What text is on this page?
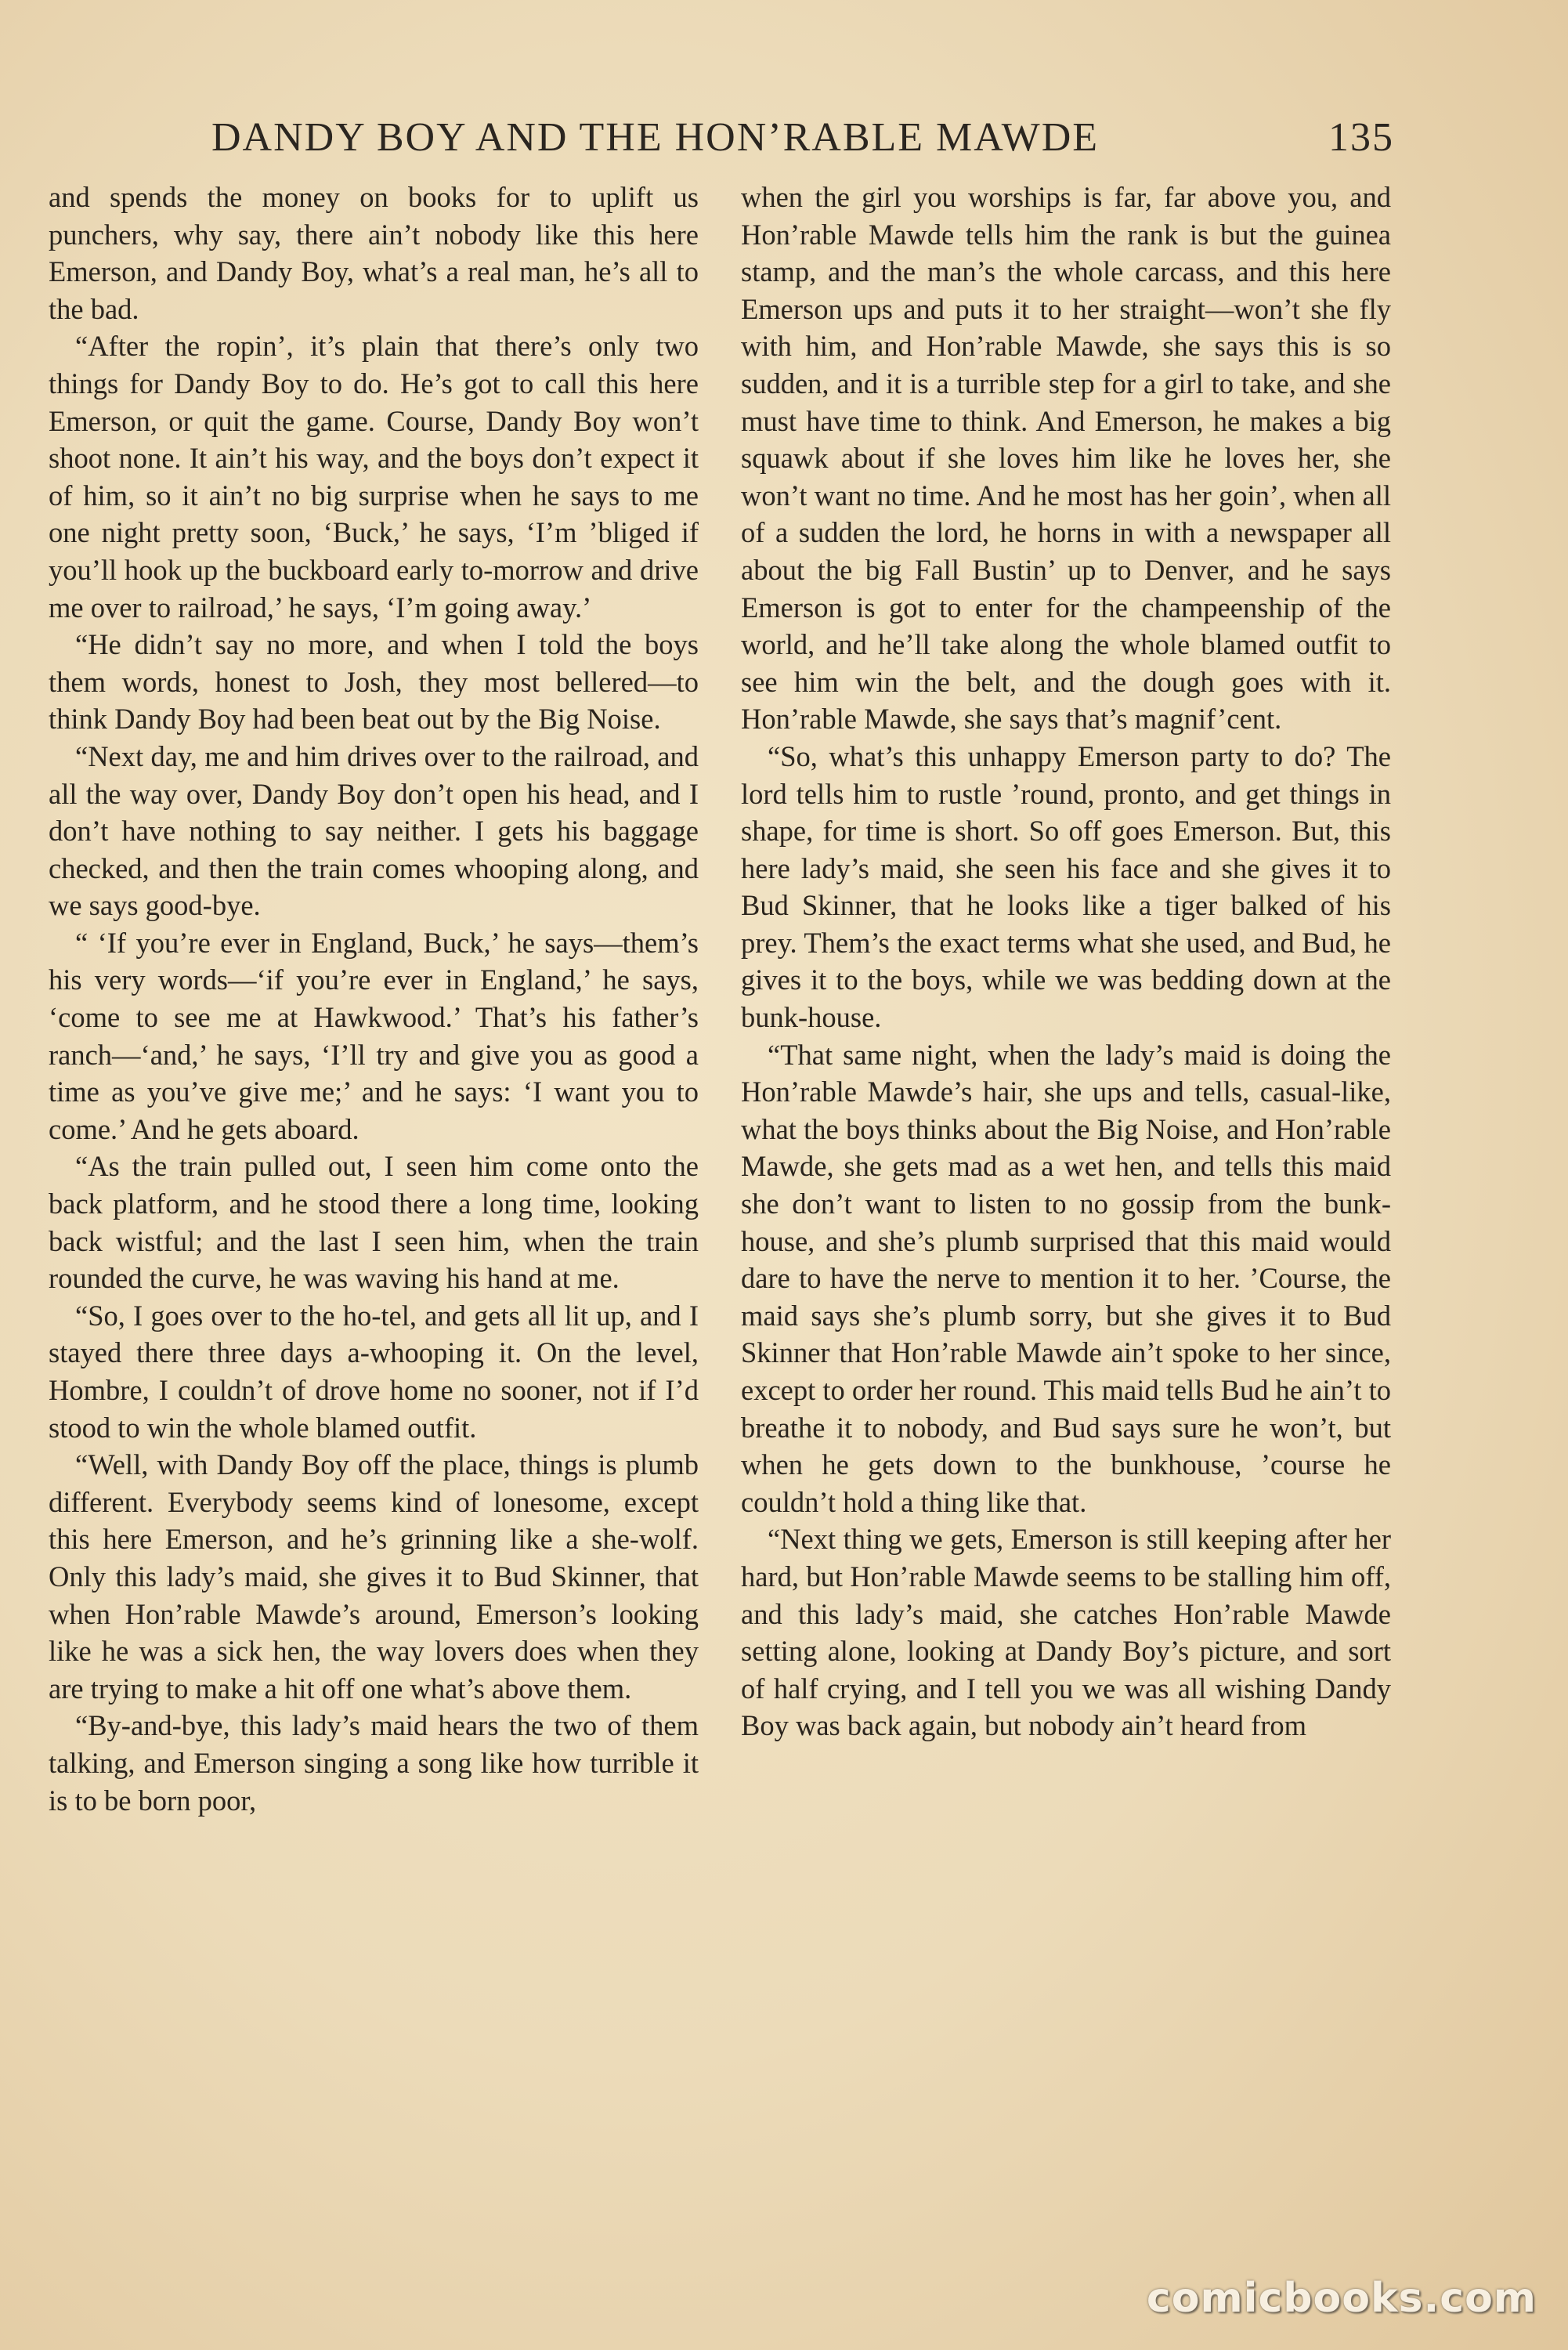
DANDY BOY AND THE HON’RABLE MAWDE	135

and spends the money on books for to uplift us punchers, why say, there ain’t nobody like this here Emerson, and Dandy Boy, what’s a real man, he’s all to the bad.

“After the ropin’, it’s plain that there’s only two things for Dandy Boy to do. He’s got to call this here Emerson, or quit the game. Course, Dandy Boy won’t shoot none. It ain’t his way, and the boys don’t expect it of him, so it ain’t no big surprise when he says to me one night pretty soon, ‘Buck,’ he says, ‘I’m ’bliged if you’ll hook up the buckboard early to-morrow and drive me over to railroad,’ he says, ‘I’m going away.’

“He didn’t say no more, and when I told the boys them words, honest to Josh, they most bellered—to think Dandy Boy had been beat out by the Big Noise.

“Next day, me and him drives over to the railroad, and all the way over, Dandy Boy don’t open his head, and I don’t have nothing to say neither. I gets his baggage checked, and then the train comes whooping along, and we says good-bye.

“ ‘If you’re ever in England, Buck,’ he says—them’s his very words—‘if you’re ever in England,’ he says, ‘come to see me at Hawkwood.’ That’s his father’s ranch—‘and,’ he says, ‘I’ll try and give you as good a time as you’ve give me;’ and he says: ‘I want you to come.’ And he gets aboard.

“As the train pulled out, I seen him come onto the back platform, and he stood there a long time, looking back wistful; and the last I seen him, when the train rounded the curve, he was waving his hand at me.

“So, I goes over to the ho-tel, and gets all lit up, and I stayed there three days a-whooping it. On the level, Hombre, I couldn’t of drove home no sooner, not if I’d stood to win the whole blamed outfit.

“Well, with Dandy Boy off the place, things is plumb different. Everybody seems kind of lonesome, except this here Emerson, and he’s grinning like a she-wolf. Only this lady’s maid, she gives it to Bud Skinner, that when Hon’rable Mawde’s around, Emerson’s looking like he was a sick hen, the way lovers does when they are trying to make a hit off one what’s above them.

“By-and-bye, this lady’s maid hears the two of them talking, and Emerson singing a song like how turrible it is to be born poor,

when the girl you worships is far, far above you, and Hon’rable Mawde tells him the rank is but the guinea stamp, and the man’s the whole carcass, and this here Emerson ups and puts it to her straight—won’t she fly with him, and Hon’rable Mawde, she says this is so sudden, and it is a turrible step for a girl to take, and she must have time to think. And Emerson, he makes a big squawk about if she loves him like he loves her, she won’t want no time. And he most has her goin’, when all of a sudden the lord, he horns in with a newspaper all about the big Fall Bustin’ up to Denver, and he says Emerson is got to enter for the champeenship of the world, and he’ll take along the whole blamed outfit to see him win the belt, and the dough goes with it. Hon’rable Mawde, she says that’s magnif’cent.

“So, what’s this unhappy Emerson party to do? The lord tells him to rustle ’round, pronto, and get things in shape, for time is short. So off goes Emerson. But, this here lady’s maid, she seen his face and she gives it to Bud Skinner, that he looks like a tiger balked of his prey. Them’s the exact terms what she used, and Bud, he gives it to the boys, while we was bedding down at the bunk-house.

“That same night, when the lady’s maid is doing the Hon’rable Mawde’s hair, she ups and tells, casual-like, what the boys thinks about the Big Noise, and Hon’rable Mawde, she gets mad as a wet hen, and tells this maid she don’t want to listen to no gossip from the bunk-house, and she’s plumb surprised that this maid would dare to have the nerve to mention it to her. ’Course, the maid says she’s plumb sorry, but she gives it to Bud Skinner that Hon’rable Mawde ain’t spoke to her since, except to order her round. This maid tells Bud he ain’t to breathe it to nobody, and Bud says sure he won’t, but when he gets down to the bunkhouse, ’course he couldn’t hold a thing like that.

“Next thing we gets, Emerson is still keeping after her hard, but Hon’rable Mawde seems to be stalling him off, and this lady’s maid, she catches Hon’rable Mawde setting alone, looking at Dandy Boy’s picture, and sort of half crying, and I tell you we was all wishing Dandy Boy was back again, but nobody ain’t heard from

comicbooks.com
